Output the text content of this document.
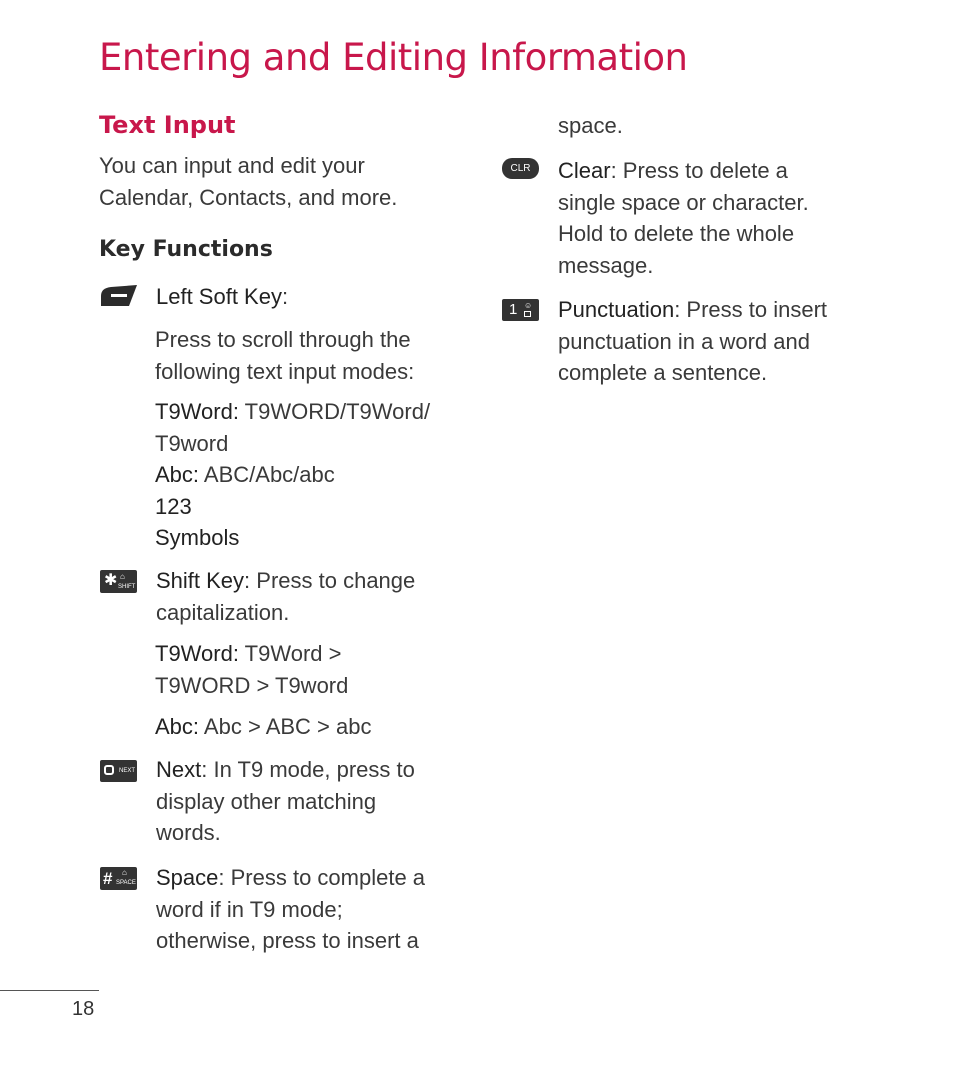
Entering and Editing Information
Text Input

You can input and edit your Calendar, Contacts, and more.

Key Functions

Left Soft Key:

Press to scroll through the following text input modes:

T9Word: T9WORD/T9Word/ T9word

Abc: ABC/Abc/abc

123

Symbols

✱ ⌂
SHIFT Shift Key: Press to change capitalization.

T9Word: T9Word > T9WORD > T9word

Abc: Abc > ABC > abc

NEXT Next: In T9 mode, press to display other matching words.

# ⌂
SPACE Space: Press to complete a word if in T9 mode; otherwise, press to insert a

space.

CLR	Clear: Press to delete a single space or character. Hold to delete the whole message.

1 ☺ Punctuation: Press to insert punctuation in a word and complete a sentence.

18
